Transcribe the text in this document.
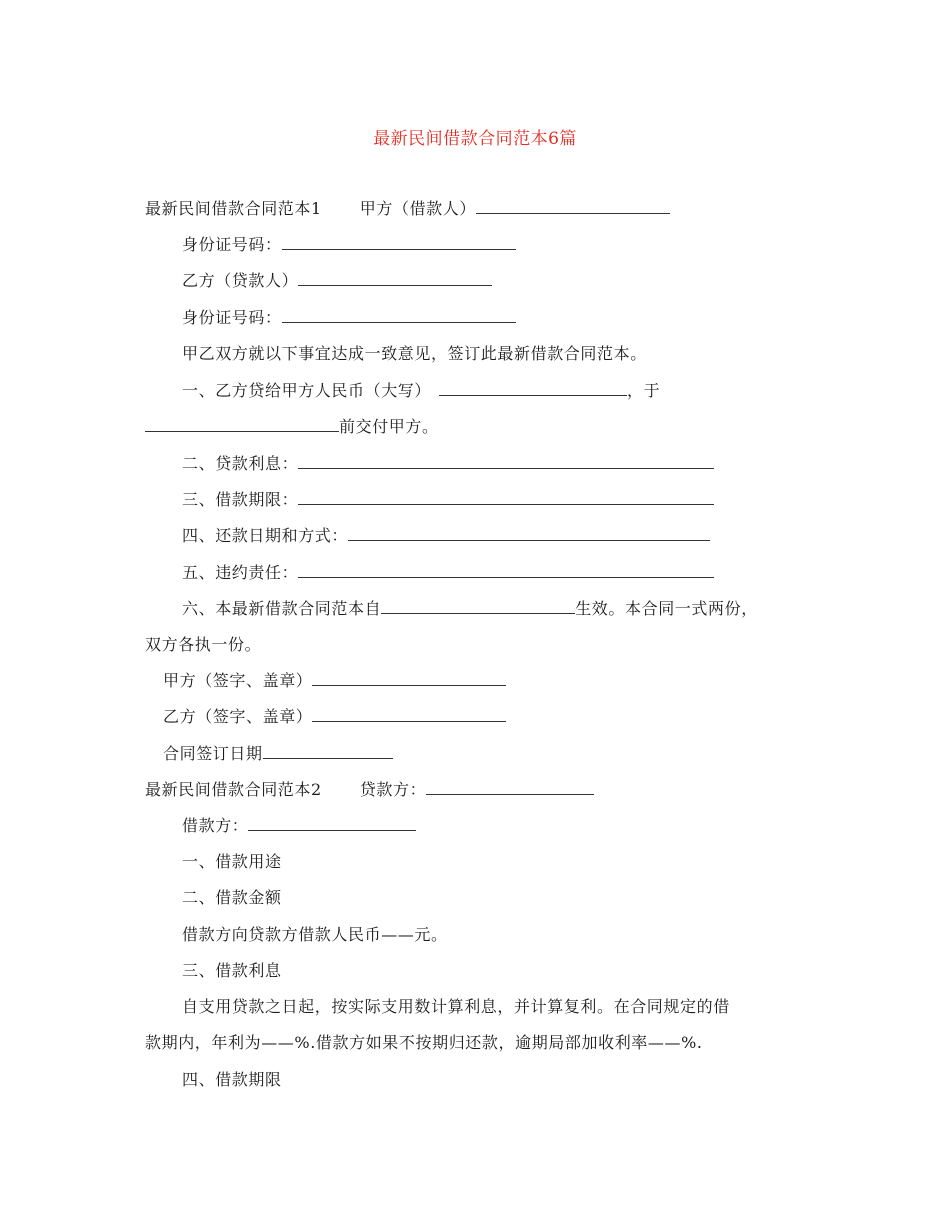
最新民间借款合同范本6篇
最新民间借款合同范本1 甲方（借款人）
身份证号码：
乙方（贷款人）
身份证号码：
甲乙双方就以下事宜达成一致意见，签订此最新借款合同范本。
一、乙方贷给甲方人民币（大写）	，于
前交付甲方。
二、贷款利息：
三、借款期限：
四、还款日期和方式：
五、违约责任：
六、本最新借款合同范本自	生效。本合同一式两份，
双方各执一份。
甲方（签字、盖章）
乙方（签字、盖章）
合同签订日期
最新民间借款合同范本2 贷款方：
借款方：
一、借款用途
二、借款金额
借款方向贷款方借款人民币——元。
三、借款利息
自支用贷款之日起，按实际支用数计算利息，并计算复利。在合同规定的借
款期内，年利为——%.借款方如果不按期归还款，逾期局部加收利率——%.
四、借款期限
